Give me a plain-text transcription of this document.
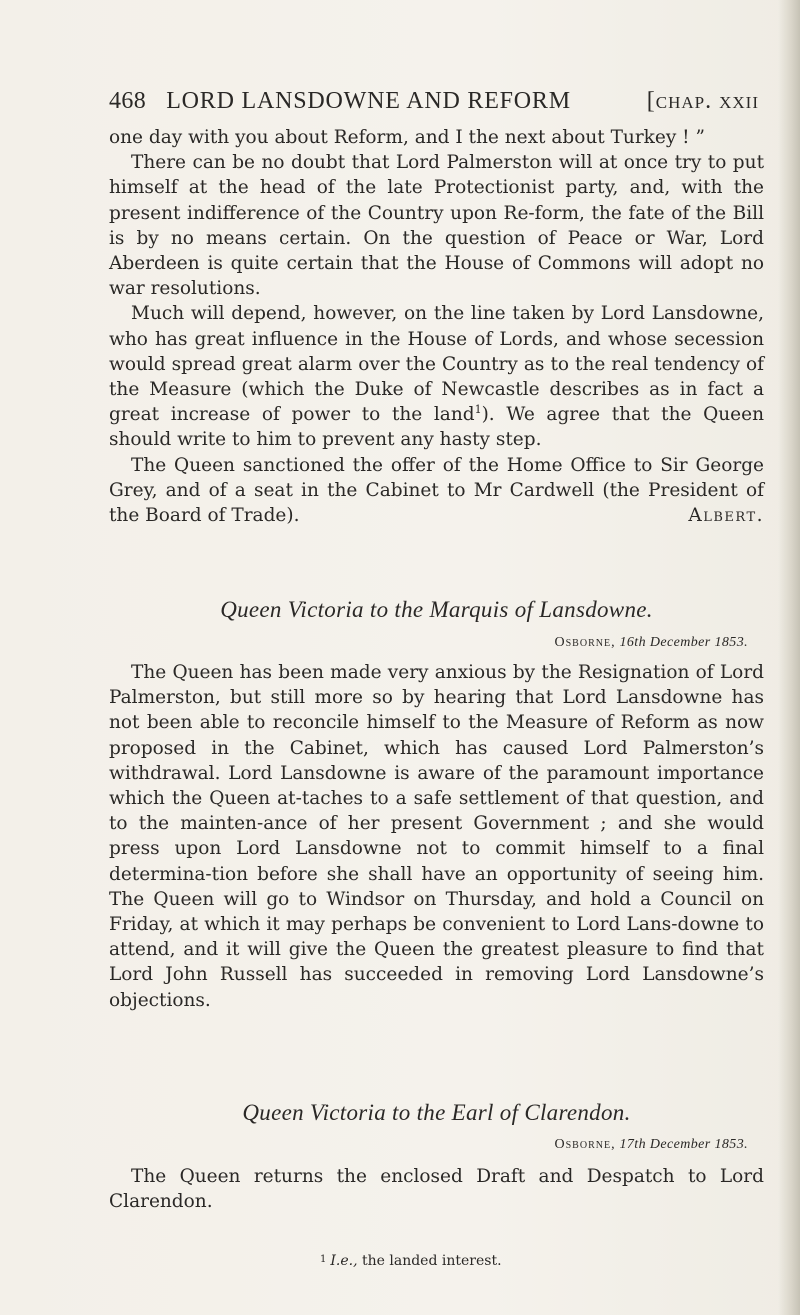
468 LORD LANSDOWNE AND REFORM	[chap. xxii

one day with you about Reform, and I the next about Turkey ! ”

There can be no doubt that Lord Palmerston will at once try to put himself at the head of the late Protectionist party, and, with the present indifference of the Country upon Re-form, the fate of the Bill is by no means certain. On the question of Peace or War, Lord Aberdeen is quite certain that the House of Commons will adopt no war resolutions.

Much will depend, however, on the line taken by Lord Lansdowne, who has great influence in the House of Lords, and whose secession would spread great alarm over the Country as to the real tendency of the Measure (which the Duke of Newcastle describes as in fact a great increase of power to the land$^1$). We agree that the Queen should write to him to prevent any hasty step.

The Queen sanctioned the offer of the Home Office to Sir George Grey, and of a seat in the Cabinet to Mr Cardwell (the President of the Board of Trade).	Albert.

Queen Victoria to the Marquis of Lansdowne.
Osborne, 16th December 1853.

The Queen has been made very anxious by the Resignation of Lord Palmerston, but still more so by hearing that Lord Lansdowne has not been able to reconcile himself to the Measure of Reform as now proposed in the Cabinet, which has caused Lord Palmerston’s withdrawal. Lord Lansdowne is aware of the paramount importance which the Queen at-taches to a safe settlement of that question, and to the mainten-ance of her present Government ; and she would press upon Lord Lansdowne not to commit himself to a final determina-tion before she shall have an opportunity of seeing him. The Queen will go to Windsor on Thursday, and hold a Council on Friday, at which it may perhaps be convenient to Lord Lans-downe to attend, and it will give the Queen the greatest pleasure to find that Lord John Russell has succeeded in removing Lord Lansdowne’s objections.

Queen Victoria to the Earl of Clarendon.
Osborne, 17th December 1853.

The Queen returns the enclosed Draft and Despatch to Lord Clarendon.

$^1$ I.e., the landed interest.
